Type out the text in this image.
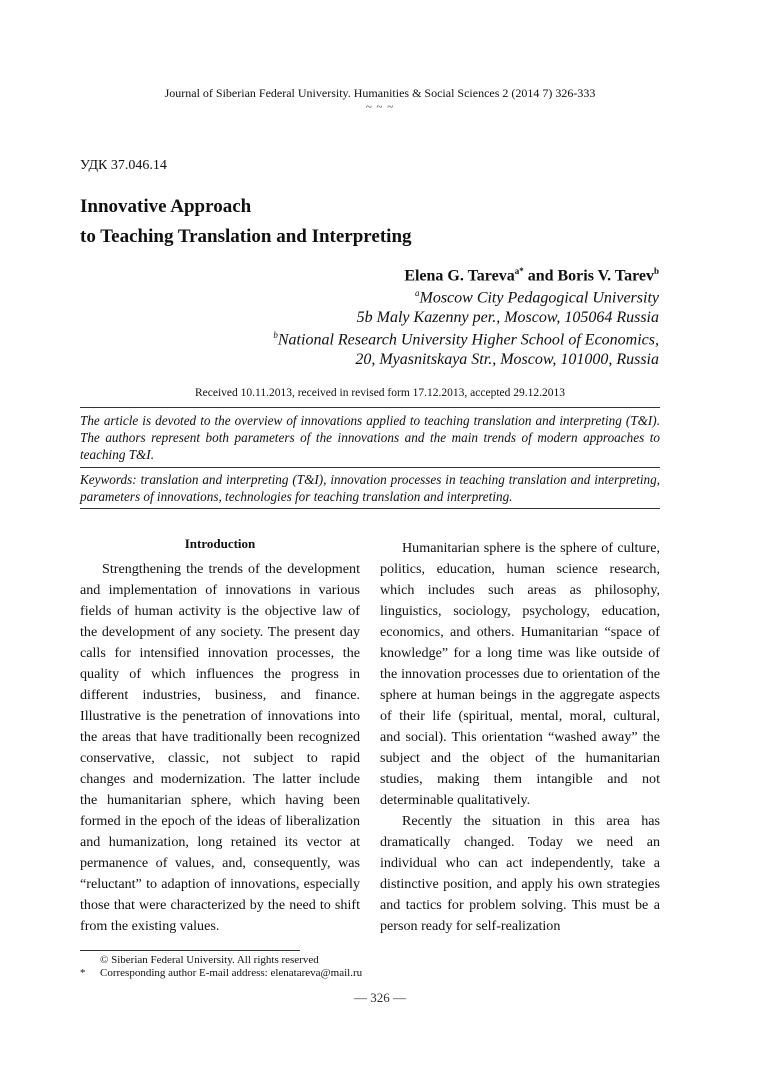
Journal of Siberian Federal University. Humanities & Social Sciences 2 (2014 7) 326-333
~ ~ ~
УДК 37.046.14
Innovative Approach
to Teaching Translation and Interpreting
Elena G. Tareva$^{a*}$ and Boris V. Tarev$^b$
$^a$Moscow City Pedagogical University
5b Maly Kazenny per., Moscow, 105064 Russia
$^b$National Research University Higher School of Economics,
20, Myasnitskaya Str., Moscow, 101000, Russia
Received 10.11.2013, received in revised form 17.12.2013, accepted 29.12.2013
The article is devoted to the overview of innovations applied to teaching translation and interpreting (T&I). The authors represent both parameters of the innovations and the main trends of modern approaches to teaching T&I.
Keywords: translation and interpreting (T&I), innovation processes in teaching translation and interpreting, parameters of innovations, technologies for teaching translation and interpreting.
Introduction

Strengthening the trends of the development and implementation of innovations in various fields of human activity is the objective law of the development of any society. The present day calls for intensified innovation processes, the quality of which influences the progress in different industries, business, and finance. Illustrative is the penetration of innovations into the areas that have traditionally been recognized conservative, classic, not subject to rapid changes and modernization. The latter include the humanitarian sphere, which having been formed in the epoch of the ideas of liberalization and humanization, long retained its vector at permanence of values, and, consequently, was “reluctant” to adaption of innovations, especially those that were characterized by the need to shift from the existing values.

Humanitarian sphere is the sphere of culture, politics, education, human science research, which includes such areas as philosophy, linguistics, sociology, psychology, education, economics, and others. Humanitarian “space of knowledge” for a long time was like outside of the innovation processes due to orientation of the sphere at human beings in the aggregate aspects of their life (spiritual, mental, moral, cultural, and social). This orientation “washed away” the subject and the object of the humanitarian studies, making them intangible and not determinable qualitatively.

Recently the situation in this area has dramatically changed. Today we need an individual who can act independently, take a distinctive position, and apply his own strategies and tactics for problem solving. This must be a person ready for self-realization

© Siberian Federal University. All rights reserved
* Corresponding author E-mail address: elenatareva@mail.ru
— 326 —
